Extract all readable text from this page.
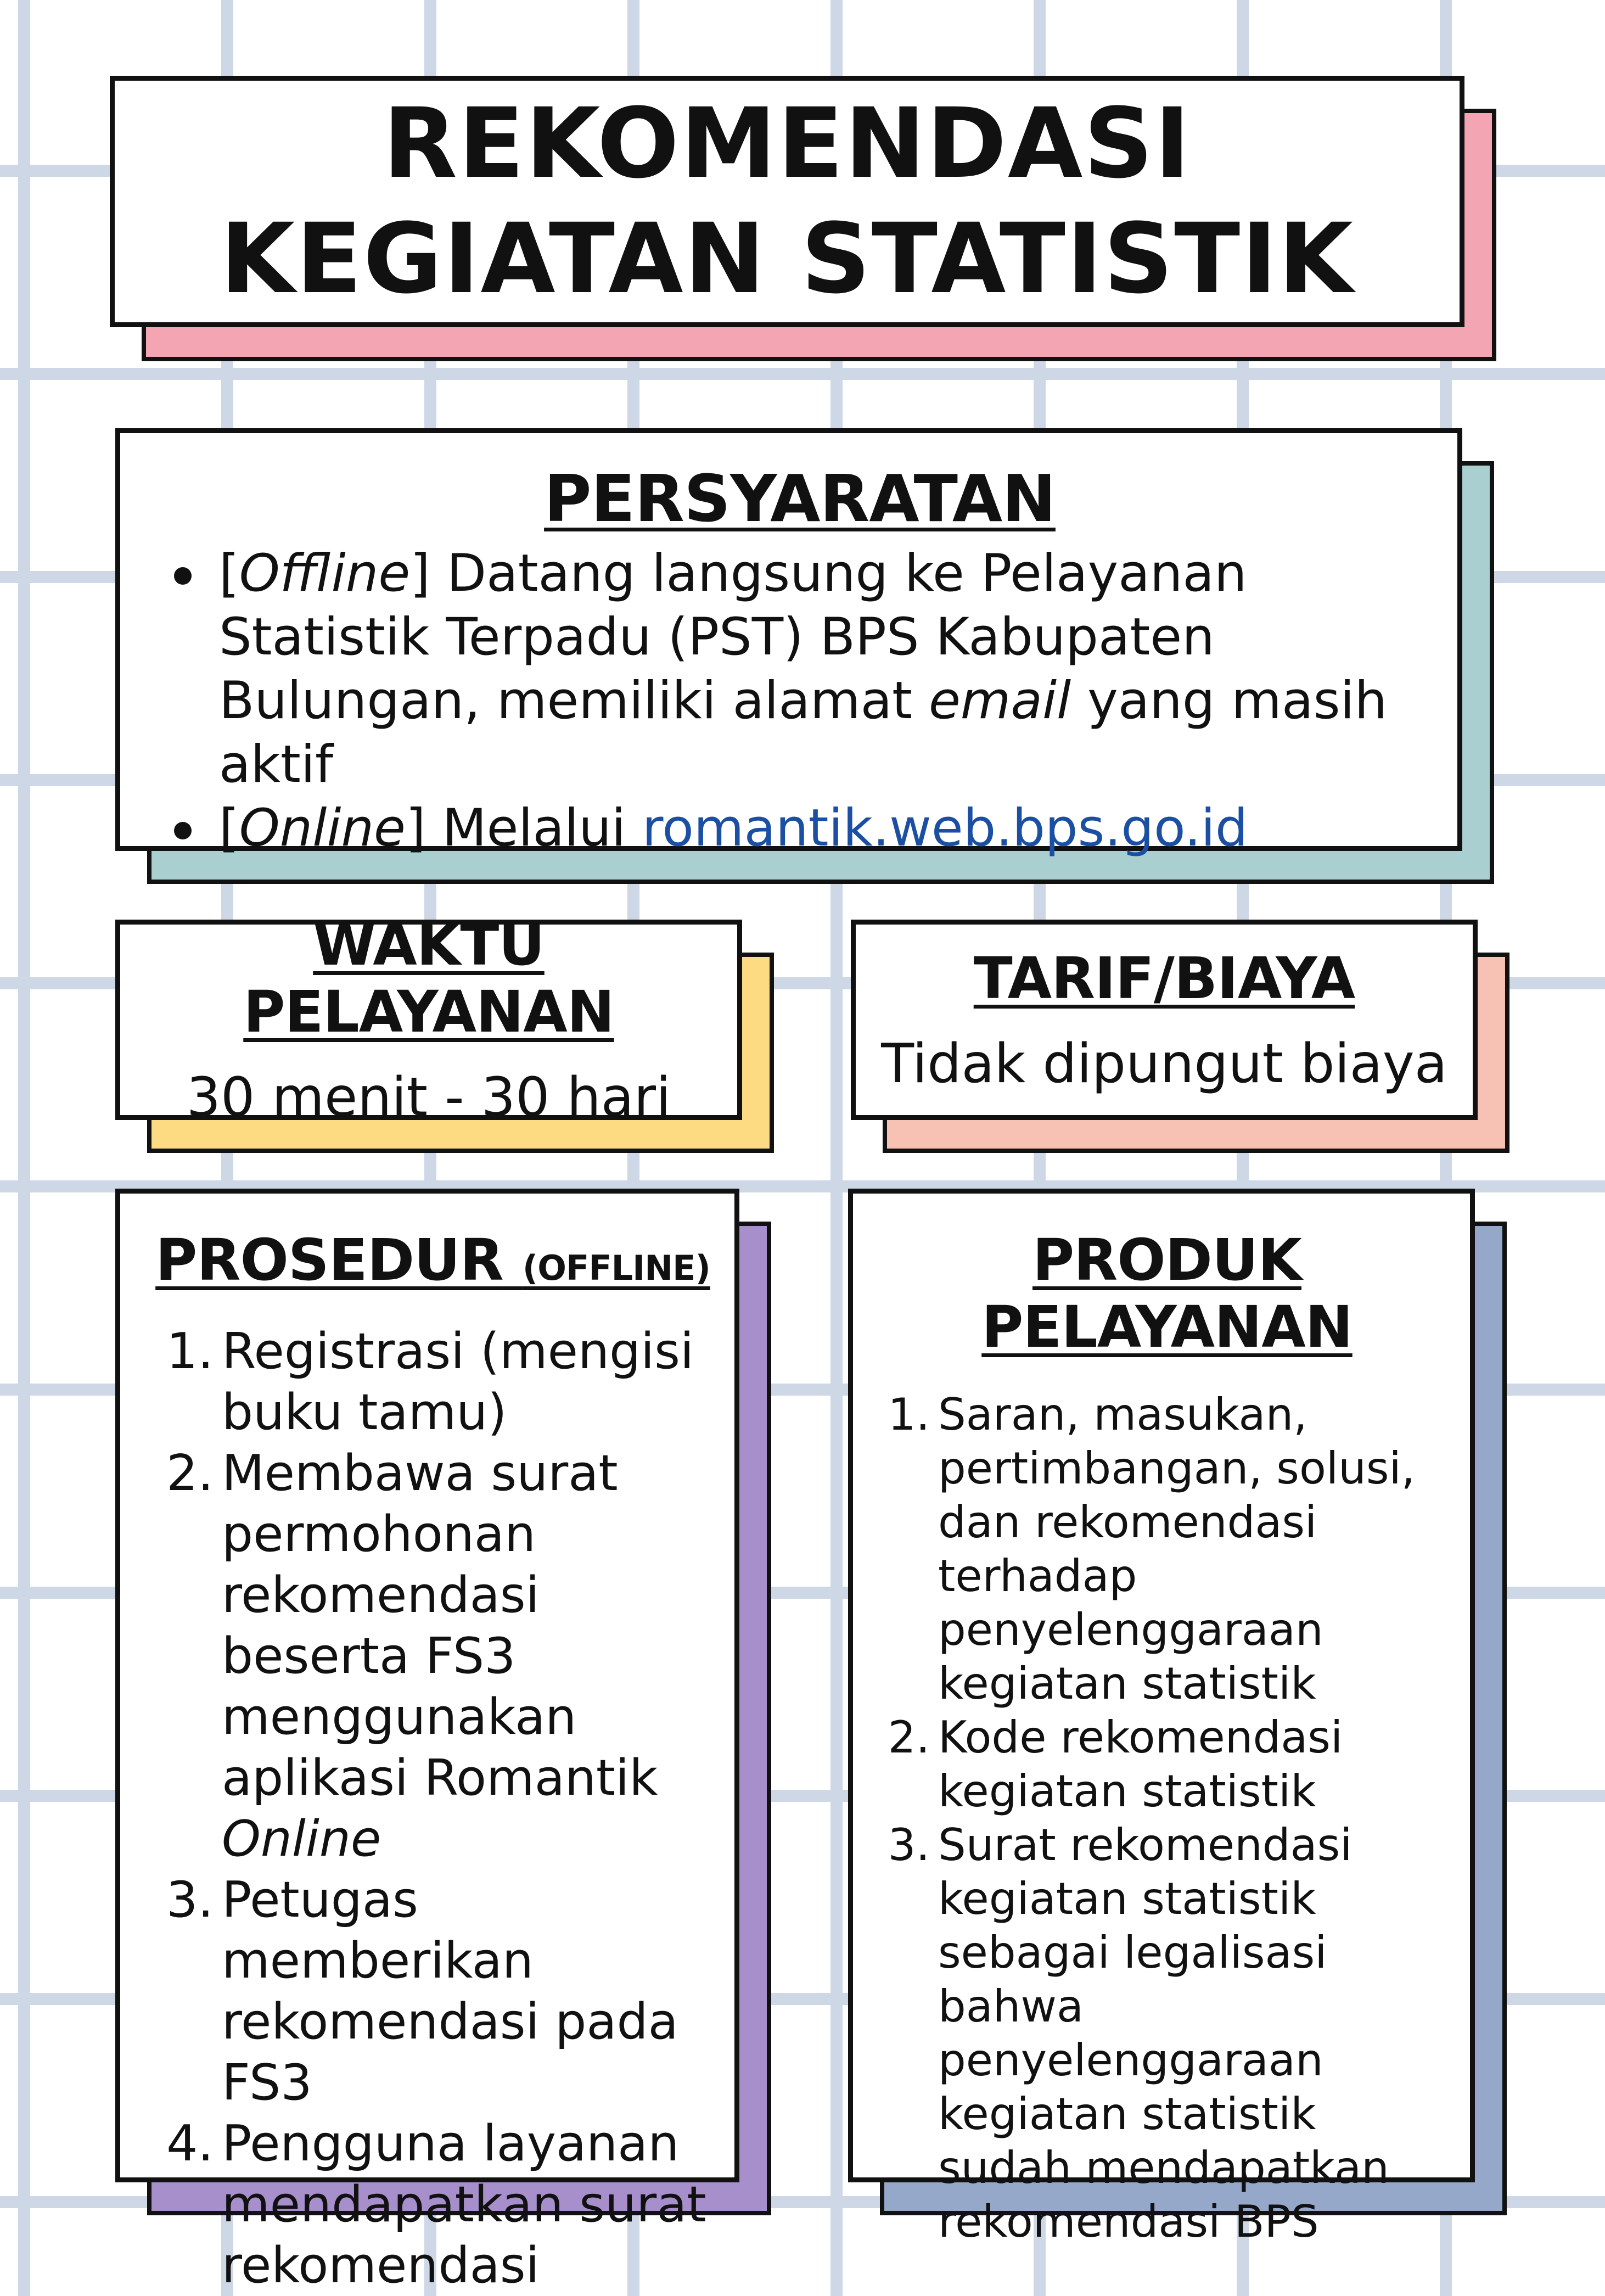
REKOMENDASI
KEGIATAN STATISTIK
PERSYARATAN
[Offline] Datang langsung ke Pelayanan Statistik Terpadu (PST) BPS Kabupaten Bulungan, memiliki alamat email yang masih aktif
[Online] Melalui romantik.web.bps.go.id
WAKTU PELAYANAN

30 menit - 30 hari

TARIF/BIAYA

Tidak dipungut biaya

PROSEDUR (OFFLINE)
1. Registrasi (mengisi buku tamu)
2. Membawa surat permohonan rekomendasi beserta FS3 menggunakan aplikasi Romantik Online
3. Petugas memberikan rekomendasi pada FS3
4. Pengguna layanan mendapatkan surat rekomendasi
PRODUK PELAYANAN
1. Saran, masukan, pertimbangan, solusi, dan rekomendasi terhadap penyelenggaraan kegiatan statistik
2. Kode rekomendasi kegiatan statistik
3. Surat rekomendasi kegiatan statistik sebagai legalisasi bahwa penyelenggaraan kegiatan statistik sudah mendapatkan rekomendasi BPS
